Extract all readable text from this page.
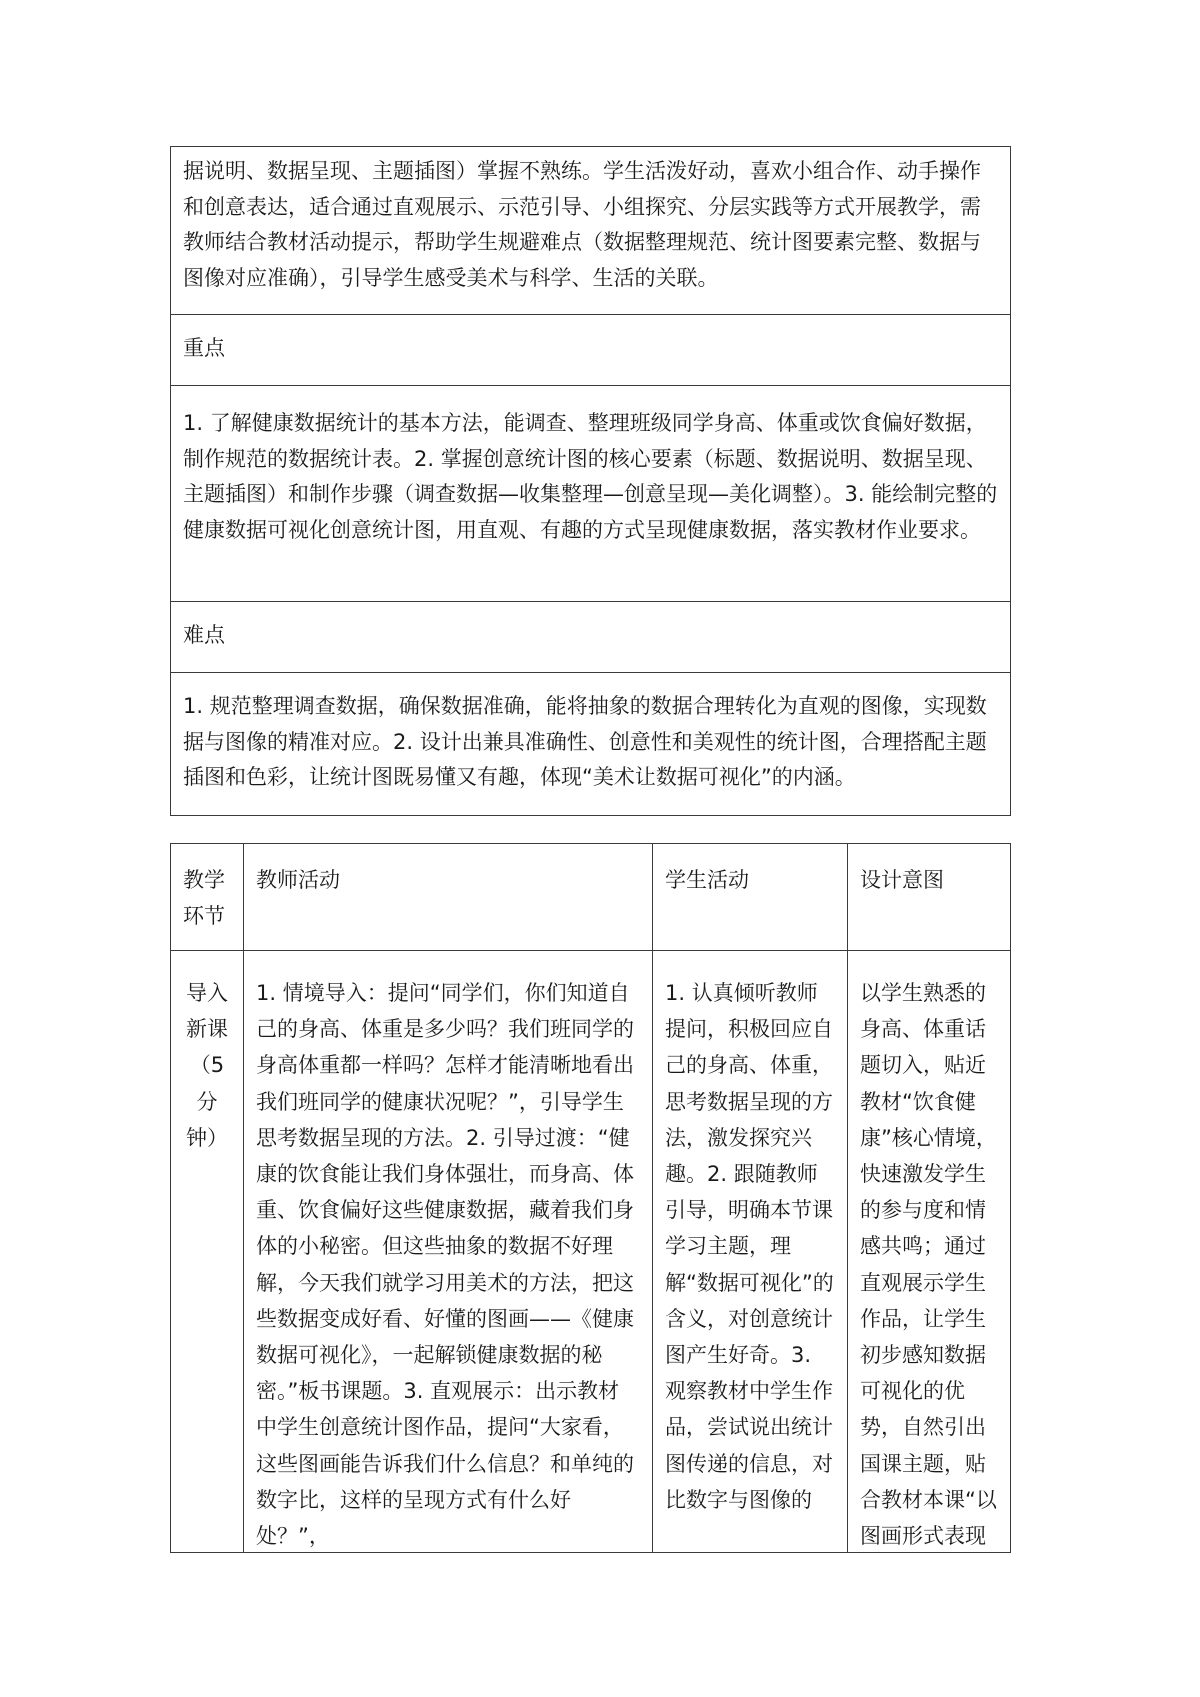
据说明、数据呈现、主题插图）掌握不熟练。学生活泼好动，喜欢小组合作、动手操作和创意表达，适合通过直观展示、示范引导、小组探究、分层实践等方式开展教学，需教师结合教材活动提示，帮助学生规避难点（数据整理规范、统计图要素完整、数据与图像对应准确），引导学生感受美术与科学、生活的关联。
重点
1. 了解健康数据统计的基本方法，能调查、整理班级同学身高、体重或饮食偏好数据，制作规范的数据统计表。2. 掌握创意统计图的核心要素（标题、数据说明、数据呈现、主题插图）和制作步骤（调查数据—收集整理—创意呈现—美化调整）。3. 能绘制完整的健康数据可视化创意统计图，用直观、有趣的方式呈现健康数据，落实教材作业要求。
难点
1. 规范整理调查数据，确保数据准确，能将抽象的数据合理转化为直观的图像，实现数据与图像的精准对应。2. 设计出兼具准确性、创意性和美观性的统计图，合理搭配主题插图和色彩，让统计图既易懂又有趣，体现“美术让数据可视化”的内涵。
教学环节
教师活动	学生活动	设计意图
导入新课（5分钟）
1. 情境导入：提问“同学们，你们知道自己的身高、体重是多少吗？我们班同学的身高体重都一样吗？怎样才能清晰地看出我们班同学的健康状况呢？”，引导学生思考数据呈现的方法。2. 引导过渡：“健康的饮食能让我们身体强壮，而身高、体重、饮食偏好这些健康数据，藏着我们身体的小秘密。但这些抽象的数据不好理解，今天我们就学习用美术的方法，把这些数据变成好看、好懂的图画——《健康数据可视化》，一起解锁健康数据的秘密。”板书课题。3. 直观展示：出示教材中学生创意统计图作品，提问“大家看，这些图画能告诉我们什么信息？和单纯的数字比，这样的呈现方式有什么好处？”，
1. 认真倾听教师提问，积极回应自己的身高、体重，思考数据呈现的方法，激发探究兴趣。2. 跟随教师引导，明确本节课学习主题，理解“数据可视化”的含义，对创意统计图产生好奇。3. 观察教材中学生作品，尝试说出统计图传递的信息，对比数字与图像的
以学生熟悉的身高、体重话题切入，贴近教材“饮食健康”核心情境，快速激发学生的参与度和情感共鸣；通过直观展示学生作品，让学生初步感知数据可视化的优势，自然引出国课主题，贴合教材本课“以图画形式表现
